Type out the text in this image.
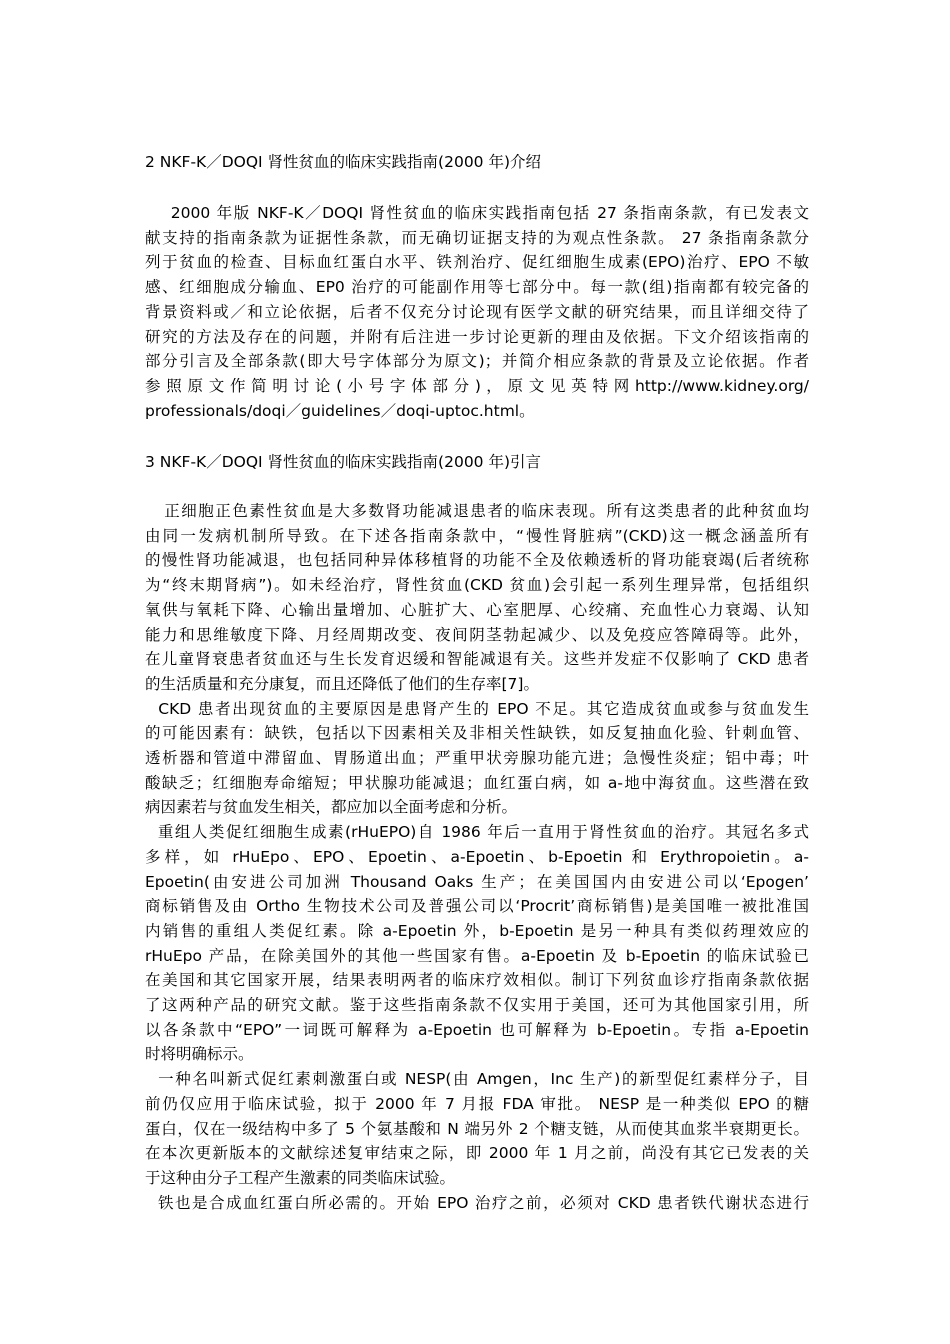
2 NKF-K／DOQI 肾性贫血的临床实践指南(2000 年)介绍
2000 年版 NKF-K／DOQI 肾性贫血的临床实践指南包括 27 条指南条款，有已发表文
献支持的指南条款为证据性条款，而无确切证据支持的为观点性条款。 27 条指南条款分
列于贫血的检查、目标血红蛋白水平、铁剂治疗、促红细胞生成素(EPO)治疗、EPO 不敏
感、红细胞成分输血、EP0 治疗的可能副作用等七部分中。每一款(组)指南都有较完备的
背景资料或／和立论依据，后者不仅充分讨论现有医学文献的研究结果，而且详细交待了
研究的方法及存在的问题，并附有后注进一步讨论更新的理由及依据。下文介绍该指南的
部分引言及全部条款(即大号字体部分为原文)；并简介相应条款的背景及立论依据。作者
参 照 原 文 作 简 明 讨 论 ( 小 号 字 体 部 分 ) ， 原 文 见 英 特 网 http://www.kidney.org/
professionals/doqi／guidelines／doqi-uptoc.html。
3 NKF-K／DOQI 肾性贫血的临床实践指南(2000 年)引言
正细胞正色素性贫血是大多数肾功能减退患者的临床表现。所有这类患者的此种贫血均
由同一发病机制所导致。在下述各指南条款中，“慢性肾脏病”(CKD)这一概念涵盖所有
的慢性肾功能减退，也包括同种异体移植肾的功能不全及依赖透析的肾功能衰竭(后者统称
为“终末期肾病”)。如未经治疗，肾性贫血(CKD 贫血)会引起一系列生理异常，包括组织
氧供与氧耗下降、心输出量增加、心脏扩大、心室肥厚、心绞痛、充血性心力衰竭、认知
能力和思维敏度下降、月经周期改变、夜间阴茎勃起减少、以及免疫应答障碍等。此外，
在儿童肾衰患者贫血还与生长发育迟缓和智能减退有关。这些并发症不仅影响了 CKD 患者
的生活质量和充分康复，而且还降低了他们的生存率[7]。
CKD 患者出现贫血的主要原因是患肾产生的 EPO 不足。其它造成贫血或参与贫血发生
的可能因素有：缺铁，包括以下因素相关及非相关性缺铁，如反复抽血化验、针刺血管、
透析器和管道中滞留血、胃肠道出血；严重甲状旁腺功能亢进；急慢性炎症；铝中毒；叶
酸缺乏；红细胞寿命缩短；甲状腺功能减退；血红蛋白病，如 a-地中海贫血。这些潜在致
病因素若与贫血发生相关，都应加以全面考虑和分析。
重组人类促红细胞生成素(rHuEPO)自 1986 年后一直用于肾性贫血的治疗。其冠名多式
多样，如 rHuEpo、EPO、Epoetin、a-Epoetin、b-Epoetin 和 Erythropoietin。a-
Epoetin(由安进公司加洲 Thousand Oaks 生产；在美国国内由安进公司以‘Epogen’
商标销售及由 Ortho 生物技术公司及普强公司以‘Procrit’商标销售)是美国唯一被批准国
内销售的重组人类促红素。除 a-Epoetin 外，b-Epoetin 是另一种具有类似药理效应的
rHuEpo 产品，在除美国外的其他一些国家有售。a-Epoetin 及 b-Epoetin 的临床试验已
在美国和其它国家开展，结果表明两者的临床疗效相似。制订下列贫血诊疗指南条款依据
了这两种产品的研究文献。鉴于这些指南条款不仅实用于美国，还可为其他国家引用，所
以各条款中“EPO”一词既可解释为 a-Epoetin 也可解释为 b-Epoetin。专指 a-Epoetin
时将明确标示。
一种名叫新式促红素刺激蛋白或 NESP(由 Amgen，Inc 生产)的新型促红素样分子，目
前仍仅应用于临床试验，拟于 2000 年 7 月报 FDA 审批。 NESP 是一种类似 EPO 的糖
蛋白，仅在一级结构中多了 5 个氨基酸和 N 端另外 2 个糖支链，从而使其血浆半衰期更长。
在本次更新版本的文献综述复审结束之际，即 2000 年 1 月之前，尚没有其它已发表的关
于这种由分子工程产生激素的同类临床试验。
铁也是合成血红蛋白所必需的。开始 EPO 治疗之前，必须对 CKD 患者铁代谢状态进行
